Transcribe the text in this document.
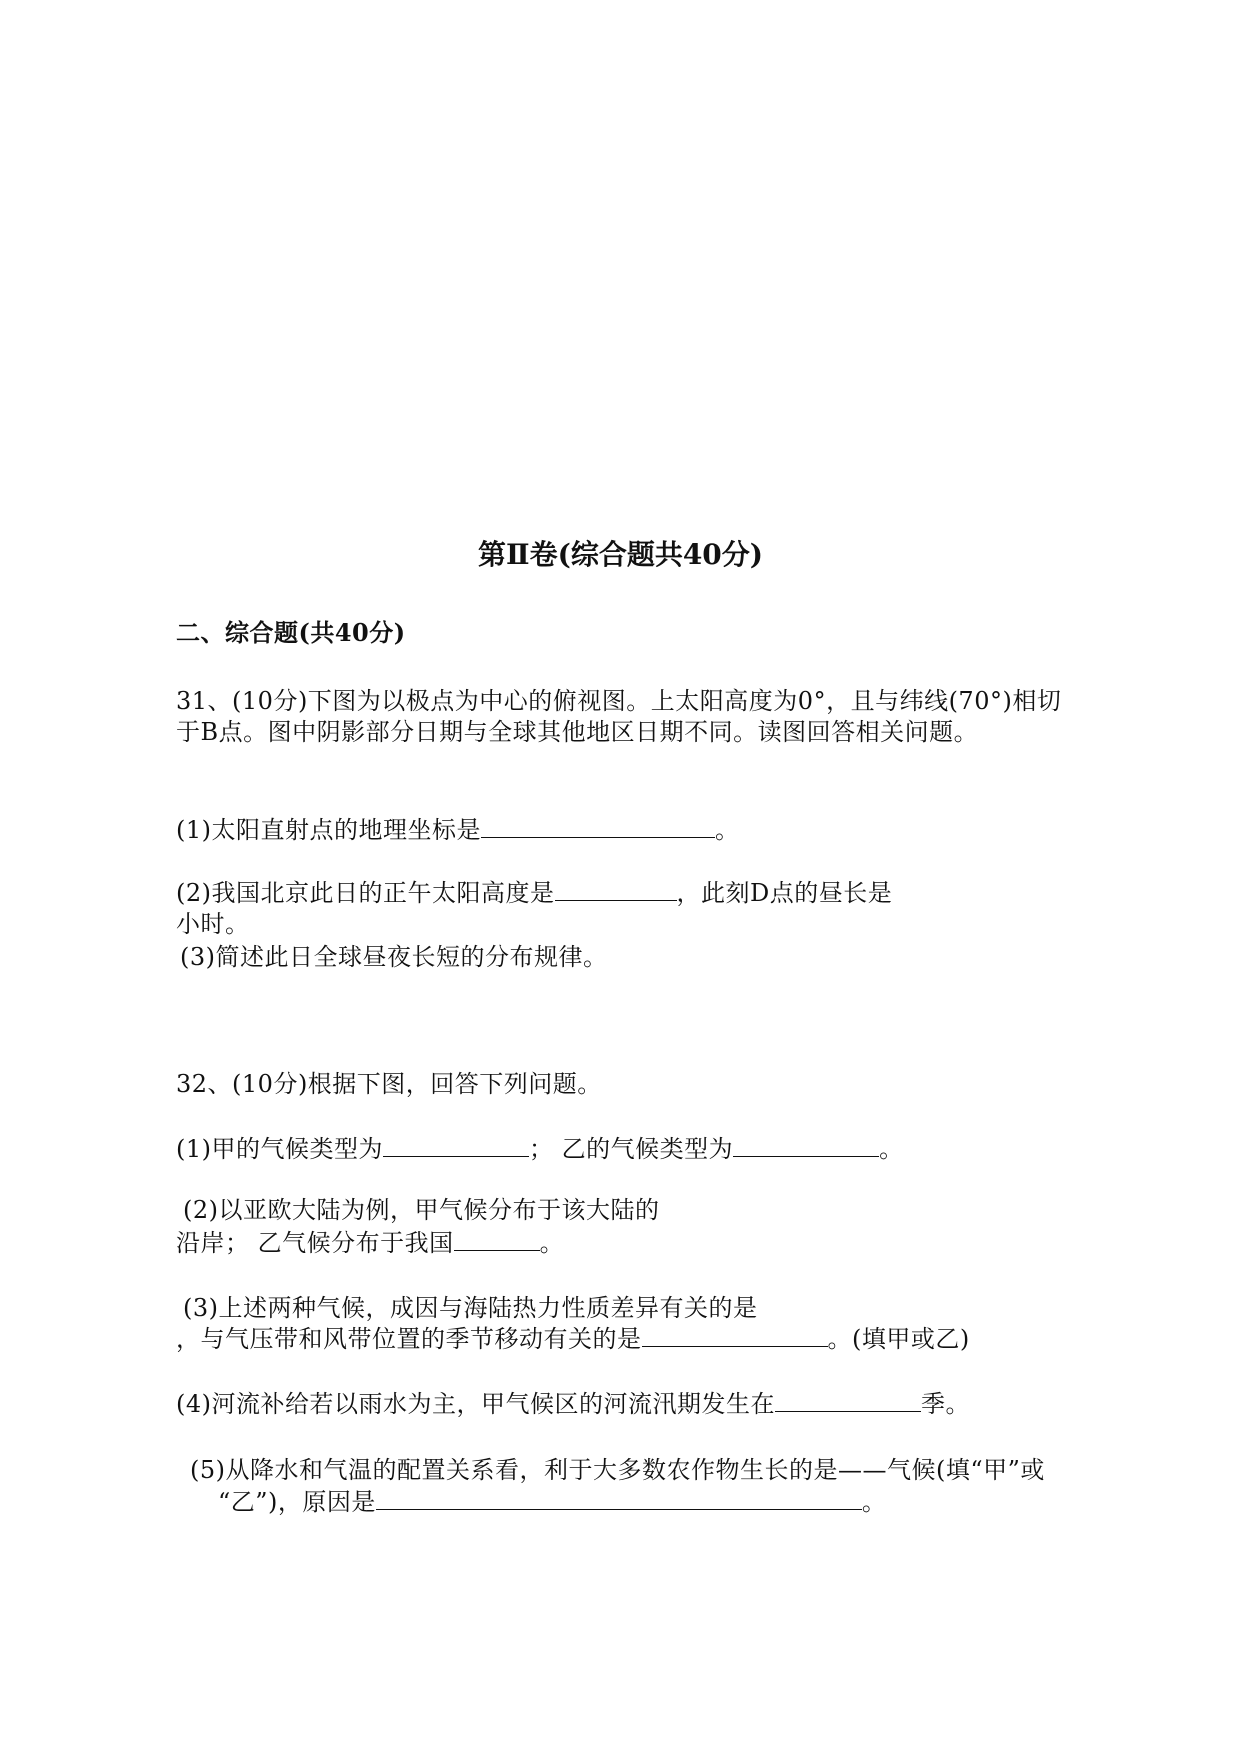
第Ⅱ卷(综合题共40分)
二、综合题(共40分)
31、(10分)下图为以极点为中心的俯视图。上太阳高度为0°，且与纬线(70°)相切
于B点。图中阴影部分日期与全球其他地区日期不同。读图回答相关问题。
(1)太阳直射点的地理坐标是	。
(2)我国北京此日的正午太阳高度是	，此刻D点的昼长是
小时。
(3)简述此日全球昼夜长短的分布规律。
32、(10分)根据下图，回答下列问题。
(1)甲的气候类型为	； 乙的气候类型为	。
(2)以亚欧大陆为例，甲气候分布于该大陆的
沿岸； 乙气候分布于我国	。
(3)上述两种气候，成因与海陆热力性质差异有关的是
，与气压带和风带位置的季节移动有关的是	。(填甲或乙)
(4)河流补给若以雨水为主，甲气候区的河流汛期发生在	季。
(5)从降水和气温的配置关系看，利于大多数农作物生长的是——气候(填“甲”或
“乙”)，原因是	。
